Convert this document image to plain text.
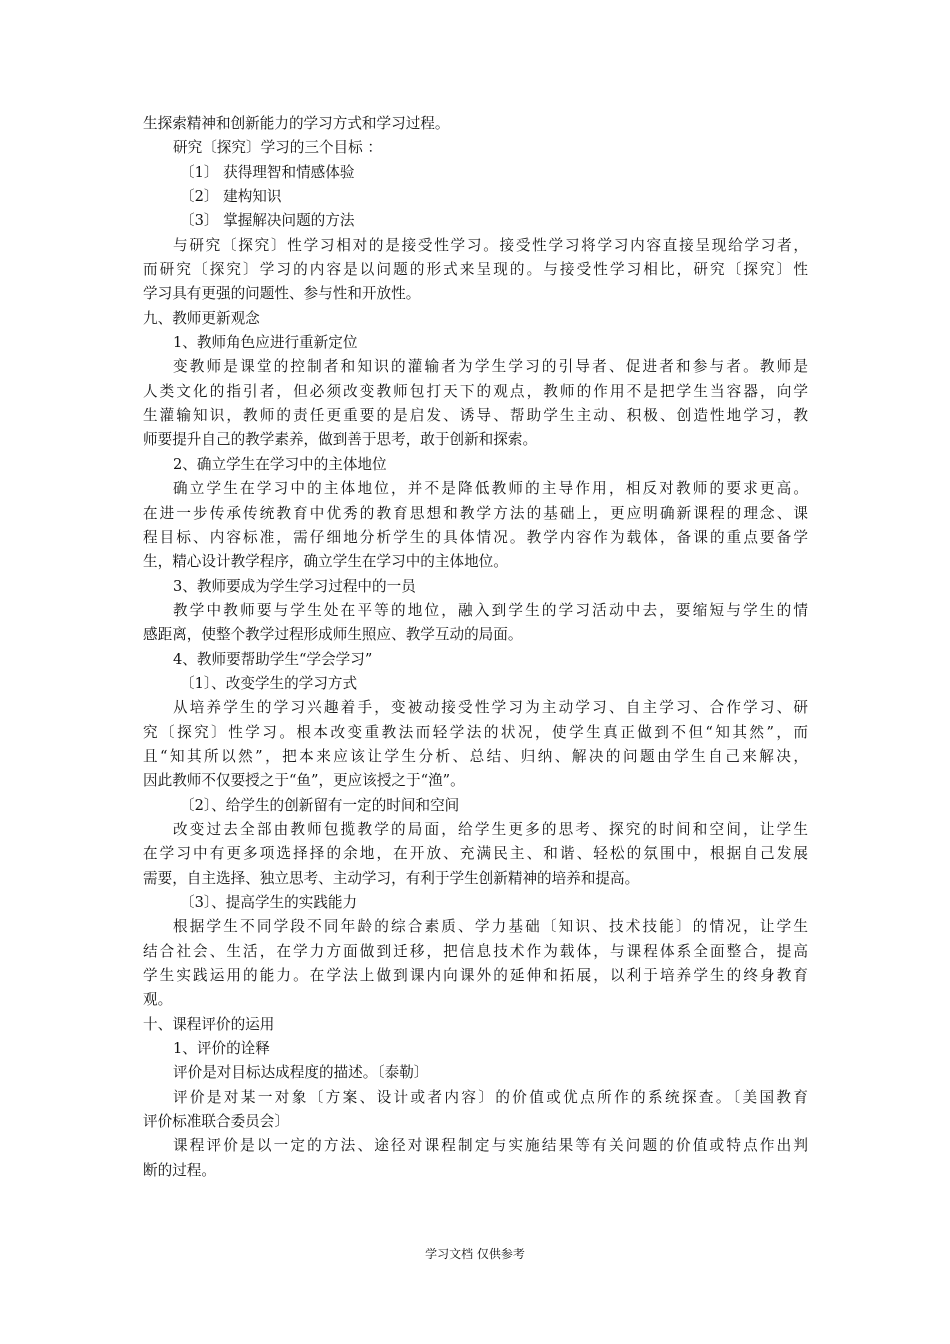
生探索精神和创新能力的学习方式和学习过程。
研究〔探究〕学习的三个目标 ：
〔1〕 获得理智和情感体验
〔2〕 建构知识
〔3〕 掌握解决问题的方法
与研究〔探究〕性学习相对的是接受性学习。接受性学习将学习内容直接呈现给学习者，
而研究〔探究〕学习的内容是以问题的形式来呈现的。与接受性学习相比，研究〔探究〕性
学习具有更强的问题性、参与性和开放性。
九、教师更新观念
1、教师角色应进行重新定位
变教师是课堂的控制者和知识的灌输者为学生学习的引导者、促进者和参与者。教师是
人类文化的指引者，但必须改变教师包打天下的观点，教师的作用不是把学生当容器，向学
生灌输知识，教师的责任更重要的是启发、诱导、帮助学生主动、积极、创造性地学习，教
师要提升自己的教学素养，做到善于思考，敢于创新和探索。
2、确立学生在学习中的主体地位
确立学生在学习中的主体地位，并不是降低教师的主导作用，相反对教师的要求更高。
在进一步传承传统教育中优秀的教育思想和教学方法的基础上，更应明确新课程的理念、课
程目标、内容标准，需仔细地分析学生的具体情况。教学内容作为载体，备课的重点要备学
生，精心设计教学程序，确立学生在学习中的主体地位。
3、教师要成为学生学习过程中的一员
教学中教师要与学生处在平等的地位，融入到学生的学习活动中去，要缩短与学生的情
感距离，使整个教学过程形成师生照应、教学互动的局面。
4、教师要帮助学生“学会学习”
〔1〕、改变学生的学习方式
从培养学生的学习兴趣着手，变被动接受性学习为主动学习、自主学习、合作学习、研
究〔探究〕性学习。根本改变重教法而轻学法的状况，使学生真正做到不但“知其然”，而
且“知其所以然”，把本来应该让学生分析、总结、归纳、解决的问题由学生自己来解决，
因此教师不仅要授之于“鱼”，更应该授之于“渔”。
〔2〕、给学生的创新留有一定的时间和空间
改变过去全部由教师包揽教学的局面，给学生更多的思考、探究的时间和空间，让学生
在学习中有更多项选择择的余地，在开放、充满民主、和谐、轻松的氛围中，根据自己发展
需要，自主选择、独立思考、主动学习，有利于学生创新精神的培养和提高。
〔3〕、提高学生的实践能力
根据学生不同学段不同年龄的综合素质、学力基础〔知识、技术技能〕的情况，让学生
结合社会、生活，在学力方面做到迁移，把信息技术作为载体，与课程体系全面整合，提高
学生实践运用的能力。在学法上做到课内向课外的延伸和拓展，以利于培养学生的终身教育
观。
十、课程评价的运用
1、评价的诠释
评价是对目标达成程度的描述。〔泰勒〕
评价是对某一对象〔方案、设计或者内容〕的价值或优点所作的系统探查。〔美国教育
评价标准联合委员会〕
课程评价是以一定的方法、途径对课程制定与实施结果等有关问题的价值或特点作出判
断的过程。
学习文档 仅供参考
